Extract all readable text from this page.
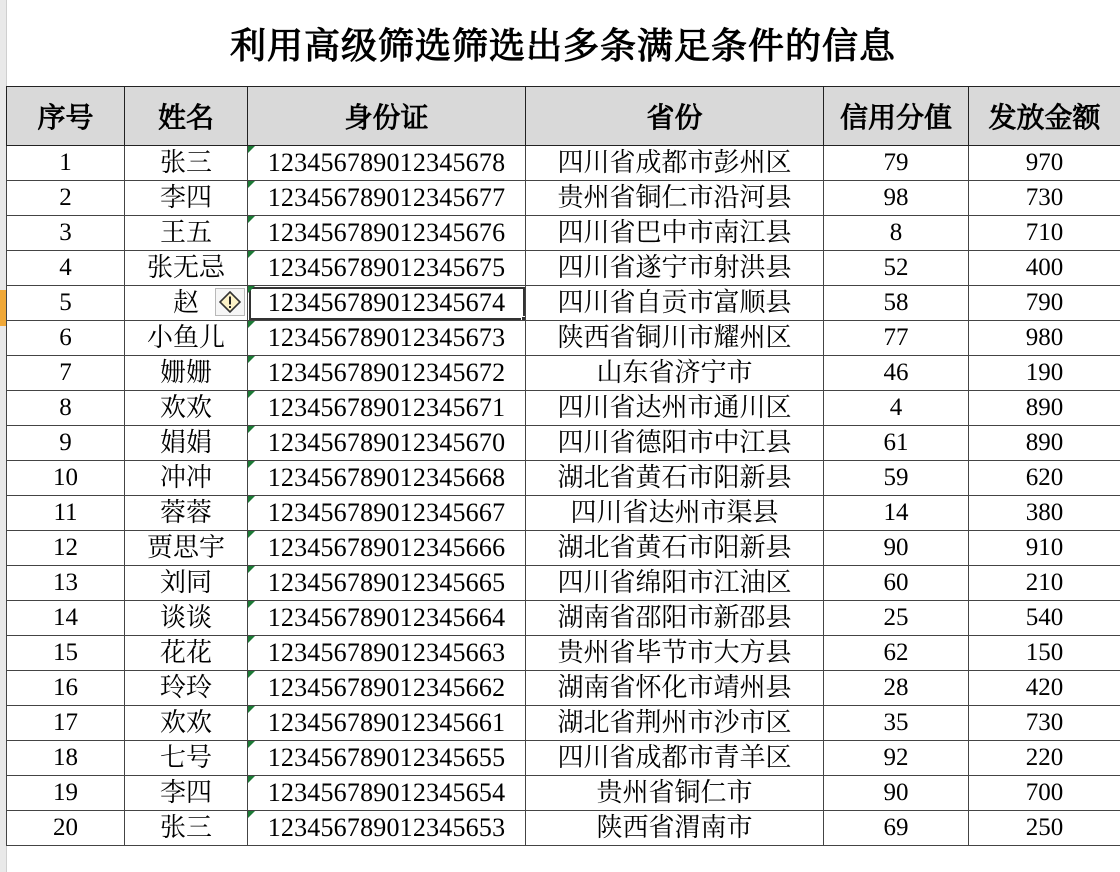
利用高级筛选筛选出多条满足条件的信息
序号	姓名	身份证	省份	信用分值	发放金额
1	张三	123456789012345678	四川省成都市彭州区	79	970
2	李四	123456789012345677	贵州省铜仁市沿河县	98	730
3	王五	123456789012345676	四川省巴中市南江县	8	710
4	张无忌	123456789012345675	四川省遂宁市射洪县	52	400
5	赵	123456789012345674	四川省自贡市富顺县	58	790
6	小鱼儿	123456789012345673	陕西省铜川市耀州区	77	980
7	姗姗	123456789012345672	山东省济宁市	46	190
8	欢欢	123456789012345671	四川省达州市通川区	4	890
9	娟娟	123456789012345670	四川省德阳市中江县	61	890
10	冲冲	123456789012345668	湖北省黄石市阳新县	59	620
11	蓉蓉	123456789012345667	四川省达州市渠县	14	380
12	贾思宇	123456789012345666	湖北省黄石市阳新县	90	910
13	刘同	123456789012345665	四川省绵阳市江油区	60	210
14	谈谈	123456789012345664	湖南省邵阳市新邵县	25	540
15	花花	123456789012345663	贵州省毕节市大方县	62	150
16	玲玲	123456789012345662	湖南省怀化市靖州县	28	420
17	欢欢	123456789012345661	湖北省荆州市沙市区	35	730
18	七号	123456789012345655	四川省成都市青羊区	92	220
19	李四	123456789012345654	贵州省铜仁市	90	700
20	张三	123456789012345653	陕西省渭南市	69	250
